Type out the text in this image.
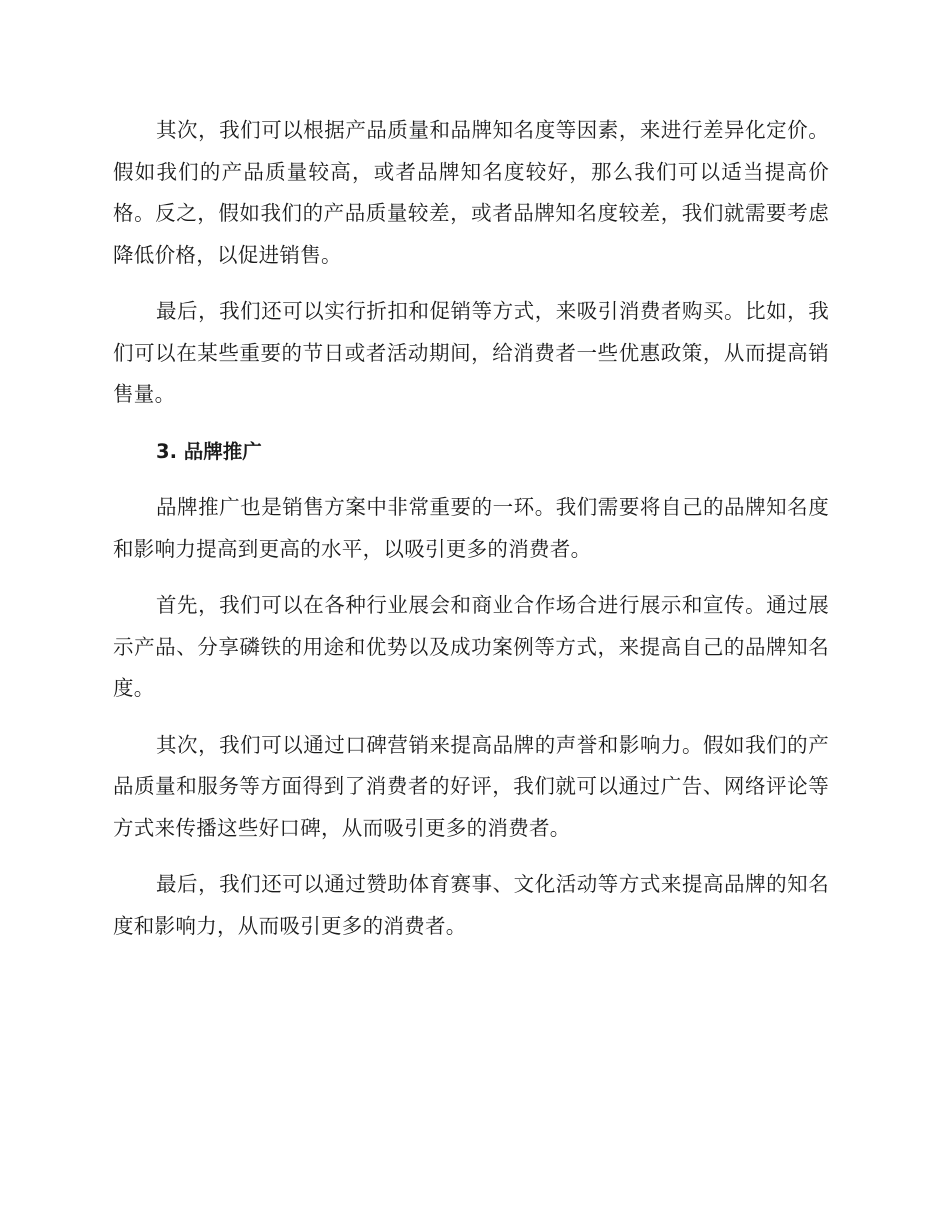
其次，我们可以根据产品质量和品牌知名度等因素，来进行差异化定价。假如我们的产品质量较高，或者品牌知名度较好，那么我们可以适当提高价格。反之，假如我们的产品质量较差，或者品牌知名度较差，我们就需要考虑降低价格，以促进销售。

最后，我们还可以实行折扣和促销等方式，来吸引消费者购买。比如，我们可以在某些重要的节日或者活动期间，给消费者一些优惠政策，从而提高销售量。

3. 品牌推广

品牌推广也是销售方案中非常重要的一环。我们需要将自己的品牌知名度和影响力提高到更高的水平，以吸引更多的消费者。

首先，我们可以在各种行业展会和商业合作场合进行展示和宣传。通过展示产品、分享磷铁的用途和优势以及成功案例等方式，来提高自己的品牌知名度。

其次，我们可以通过口碑营销来提高品牌的声誉和影响力。假如我们的产品质量和服务等方面得到了消费者的好评，我们就可以通过广告、网络评论等方式来传播这些好口碑，从而吸引更多的消费者。

最后，我们还可以通过赞助体育赛事、文化活动等方式来提高品牌的知名度和影响力，从而吸引更多的消费者。
